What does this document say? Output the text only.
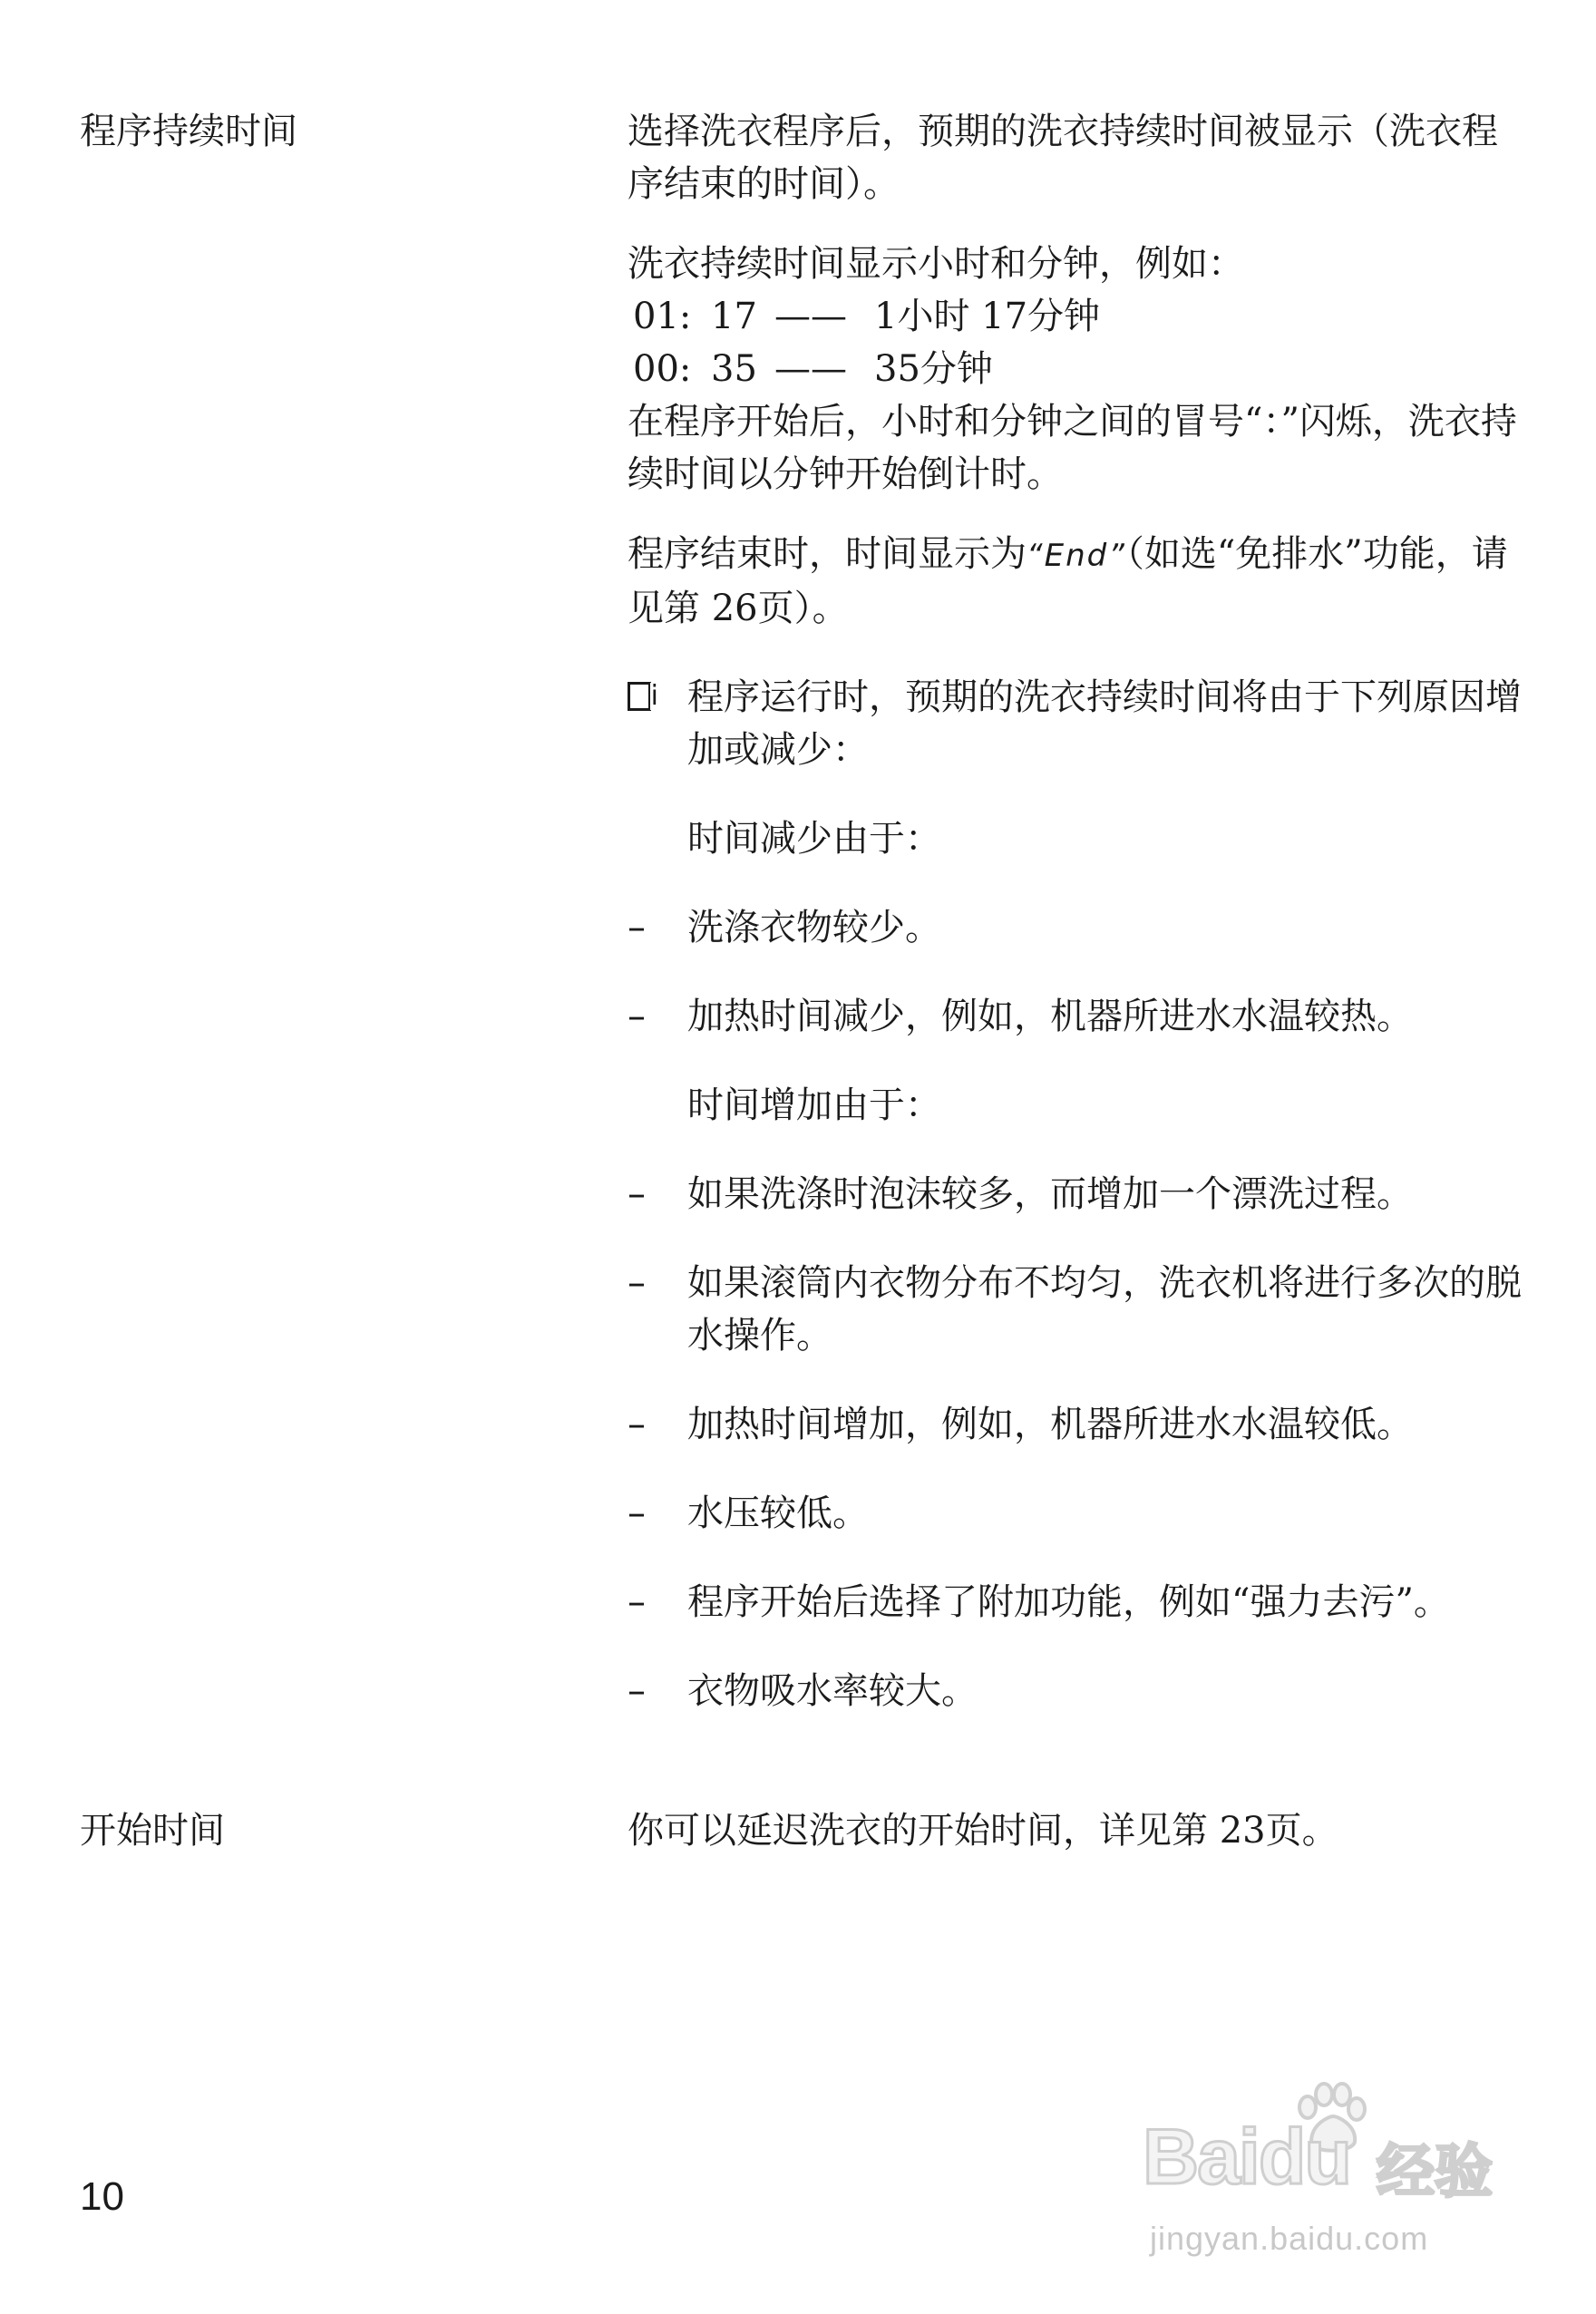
程序持续时间	选择洗衣程序后，预期的洗衣持续时间被显示（洗衣程序结束的时间）。

洗衣持续时间显示小时和分钟，例如：

01: 17 —— 1小时 17分钟
00: 35 —— 35分钟

在程序开始后，小时和分钟之间的冒号“：”闪烁，洗衣持续时间以分钟开始倒计时。

程序结束时，时间显示为“End”（如选“免排水”功能，请见第 26页）。

i 程序运行时，预期的洗衣持续时间将由于下列原因增加或减少：

时间减少由于：

–	洗涤衣物较少。

–	加热时间减少，例如，机器所进水水温较热。

时间增加由于：

–	如果洗涤时泡沫较多，而增加一个漂洗过程。

–	如果滚筒内衣物分布不均匀，洗衣机将进行多次的脱水操作。

–	加热时间增加，例如，机器所进水水温较低。

–	水压较低。

–	程序开始后选择了附加功能，例如“强力去污”。

–	衣物吸水率较大。

开始时间	你可以延迟洗衣的开始时间，详见第 23页。

10	Baidu 经验
jingyan.baidu.com
